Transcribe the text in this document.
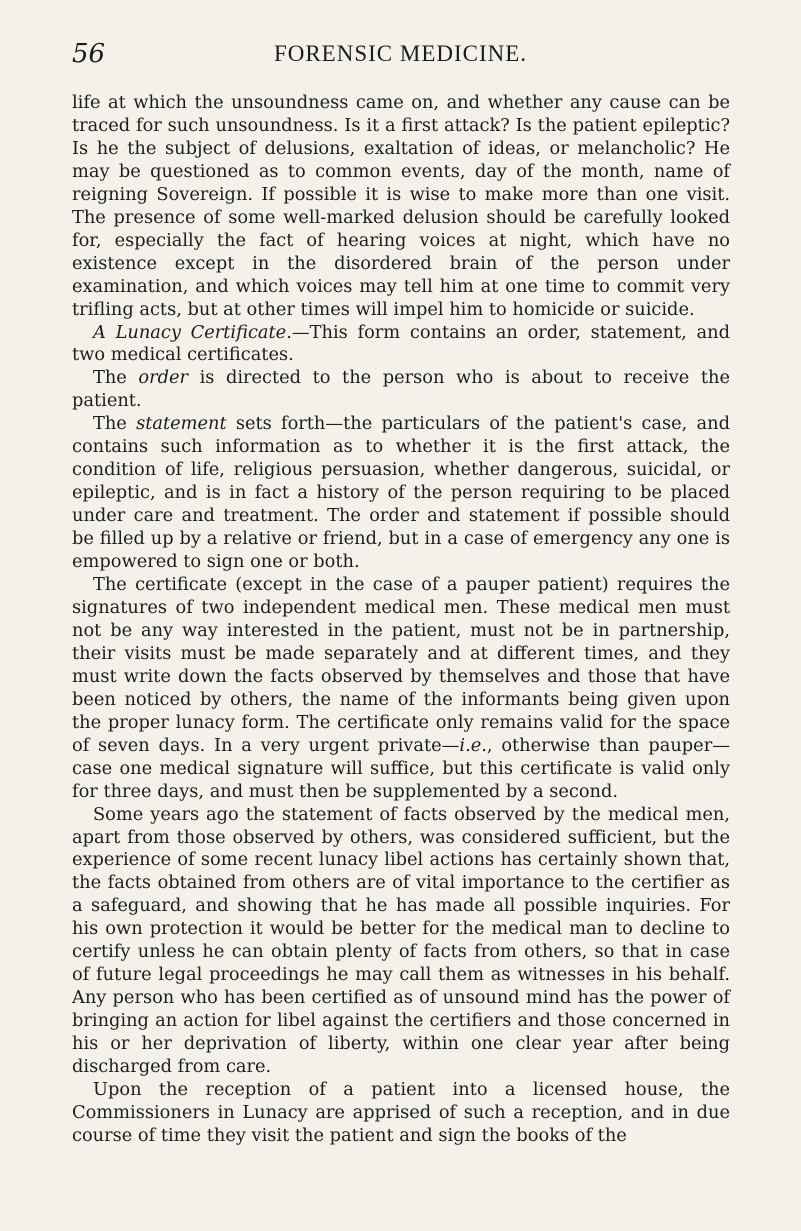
56	FORENSIC MEDICINE.

life at which the unsoundness came on, and whether any cause can be traced for such unsoundness. Is it a first attack? Is the patient epileptic? Is he the subject of delusions, exaltation of ideas, or melancholic? He may be questioned as to common events, day of the month, name of reigning Sovereign. If possible it is wise to make more than one visit. The presence of some well-marked delusion should be carefully looked for, especially the fact of hearing voices at night, which have no existence except in the disordered brain of the person under examination, and which voices may tell him at one time to commit very trifling acts, but at other times will impel him to homicide or suicide.

A Lunacy Certificate.—This form contains an order, statement, and two medical certificates.

The order is directed to the person who is about to receive the patient.

The statement sets forth—the particulars of the patient's case, and contains such information as to whether it is the first attack, the condition of life, religious persuasion, whether dangerous, suicidal, or epileptic, and is in fact a history of the person requiring to be placed under care and treatment. The order and statement if possible should be filled up by a relative or friend, but in a case of emergency any one is empowered to sign one or both.

The certificate (except in the case of a pauper patient) requires the signatures of two independent medical men. These medical men must not be any way interested in the patient, must not be in partnership, their visits must be made separately and at different times, and they must write down the facts observed by themselves and those that have been noticed by others, the name of the informants being given upon the proper lunacy form. The certificate only remains valid for the space of seven days. In a very urgent private—i.e., otherwise than pauper—case one medical signature will suffice, but this certificate is valid only for three days, and must then be supplemented by a second.

Some years ago the statement of facts observed by the medical men, apart from those observed by others, was considered sufficient, but the experience of some recent lunacy libel actions has certainly shown that, the facts obtained from others are of vital importance to the certifier as a safeguard, and showing that he has made all possible inquiries. For his own protection it would be better for the medical man to decline to certify unless he can obtain plenty of facts from others, so that in case of future legal proceedings he may call them as witnesses in his behalf. Any person who has been certified as of unsound mind has the power of bringing an action for libel against the certifiers and those concerned in his or her deprivation of liberty, within one clear year after being discharged from care.

Upon the reception of a patient into a licensed house, the Commissioners in Lunacy are apprised of such a reception, and in due course of time they visit the patient and sign the books of the
